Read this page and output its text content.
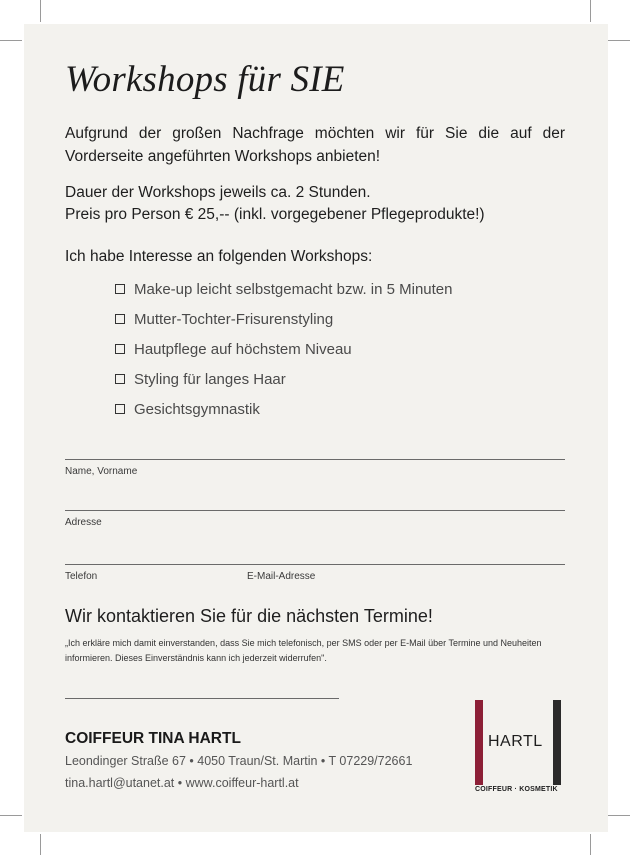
Workshops für SIE
Aufgrund der großen Nachfrage möchten wir für Sie die auf der Vorderseite angeführten Workshops anbieten!
Dauer der Workshops jeweils ca. 2 Stunden.
Preis pro Person € 25,-- (inkl. vorgegebener Pflegeprodukte!)
Ich habe Interesse an folgenden Workshops:
Make-up leicht selbstgemacht bzw. in 5 Minuten
Mutter-Tochter-Frisurenstyling
Hautpflege auf höchstem Niveau
Styling für langes Haar
Gesichtsgymnastik
Name, Vorname
Adresse
Telefon	E-Mail-Adresse
Wir kontaktieren Sie für die nächsten Termine!
„Ich erkläre mich damit einverstanden, dass Sie mich telefonisch, per SMS oder per E-Mail über Termine und Neuheiten informieren. Dieses Einverständnis kann ich jederzeit widerrufen".
COIFFEUR TINA HARTL
Leondinger Straße 67 • 4050 Traun/St. Martin • T 07229/72661
tina.hartl@utanet.at • www.coiffeur-hartl.at
HARTL
COIFFEUR · KOSMETIK
